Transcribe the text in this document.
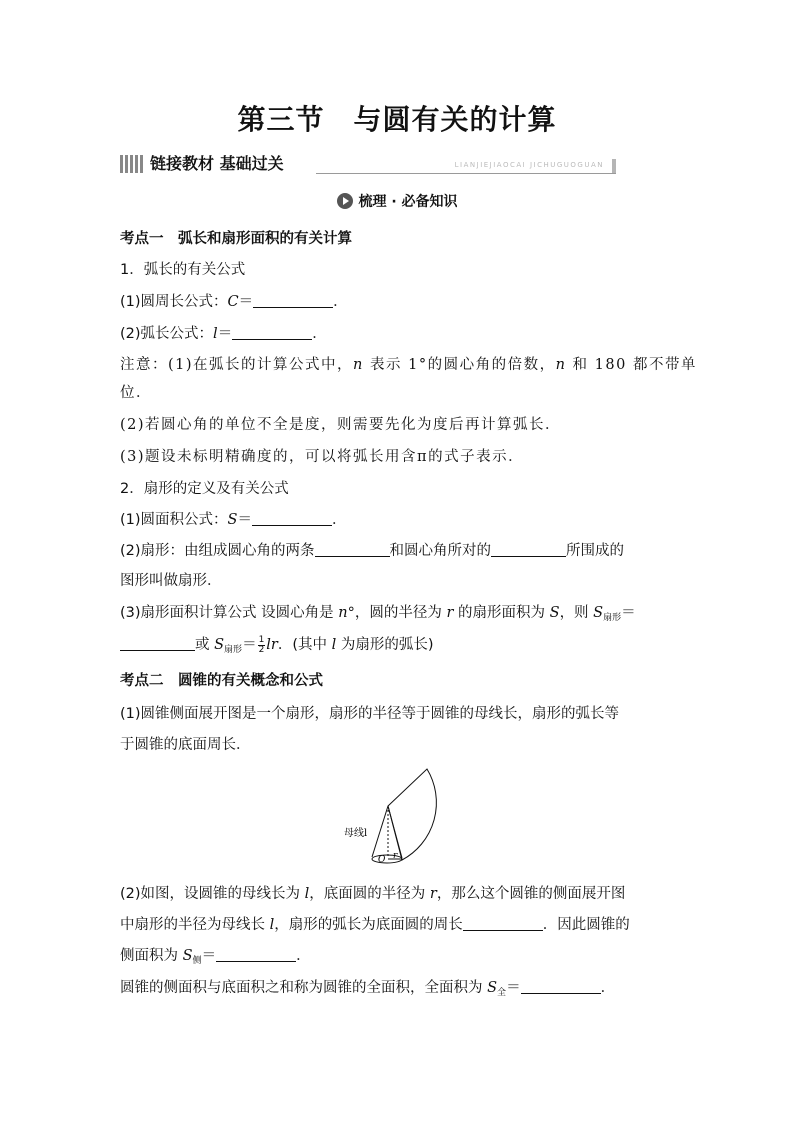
第三节　与圆有关的计算
链接教材 基础过关	LIANJIEJIAOCAI JICHUGUOGUAN
梳理 · 必备知识
考点一　弧长和扇形面积的有关计算
1．弧长的有关公式
(1)圆周长公式：C＝	．
(2)弧长公式：l＝	．
注意：(1)在弧长的计算公式中，n 表示 1°的圆心角的倍数，n 和 180 都不带单
位．
(2)若圆心角的单位不全是度，则需要先化为度后再计算弧长．
(3)题设未标明精确度的，可以将弧长用含π的式子表示．
2．扇形的定义及有关公式
(1)圆面积公式：S＝	．
(2)扇形：由组成圆心角的两条	和圆心角所对的	所围成的
图形叫做扇形．
(3)扇形面积计算公式 设圆心角是 n°，圆的半径为 r 的扇形面积为 S，则 $S_{扇形}=$
或 $S_{扇形}= \frac{1}{2}$ lr．(其中 l 为扇形的弧长)
考点二　圆锥的有关概念和公式
(1)圆锥侧面展开图是一个扇形，扇形的半径等于圆锥的母线长，扇形的弧长等
于圆锥的底面周长．
母线l
O r
(2)如图，设圆锥的母线长为 l，底面圆的半径为 r，那么这个圆锥的侧面展开图
中扇形的半径为母线长 l，扇形的弧长为底面圆的周长	．因此圆锥的
侧面积为 $S_侧=$	．
圆锥的侧面积与底面积之和称为圆锥的全面积，全面积为 $S_全=$	．
